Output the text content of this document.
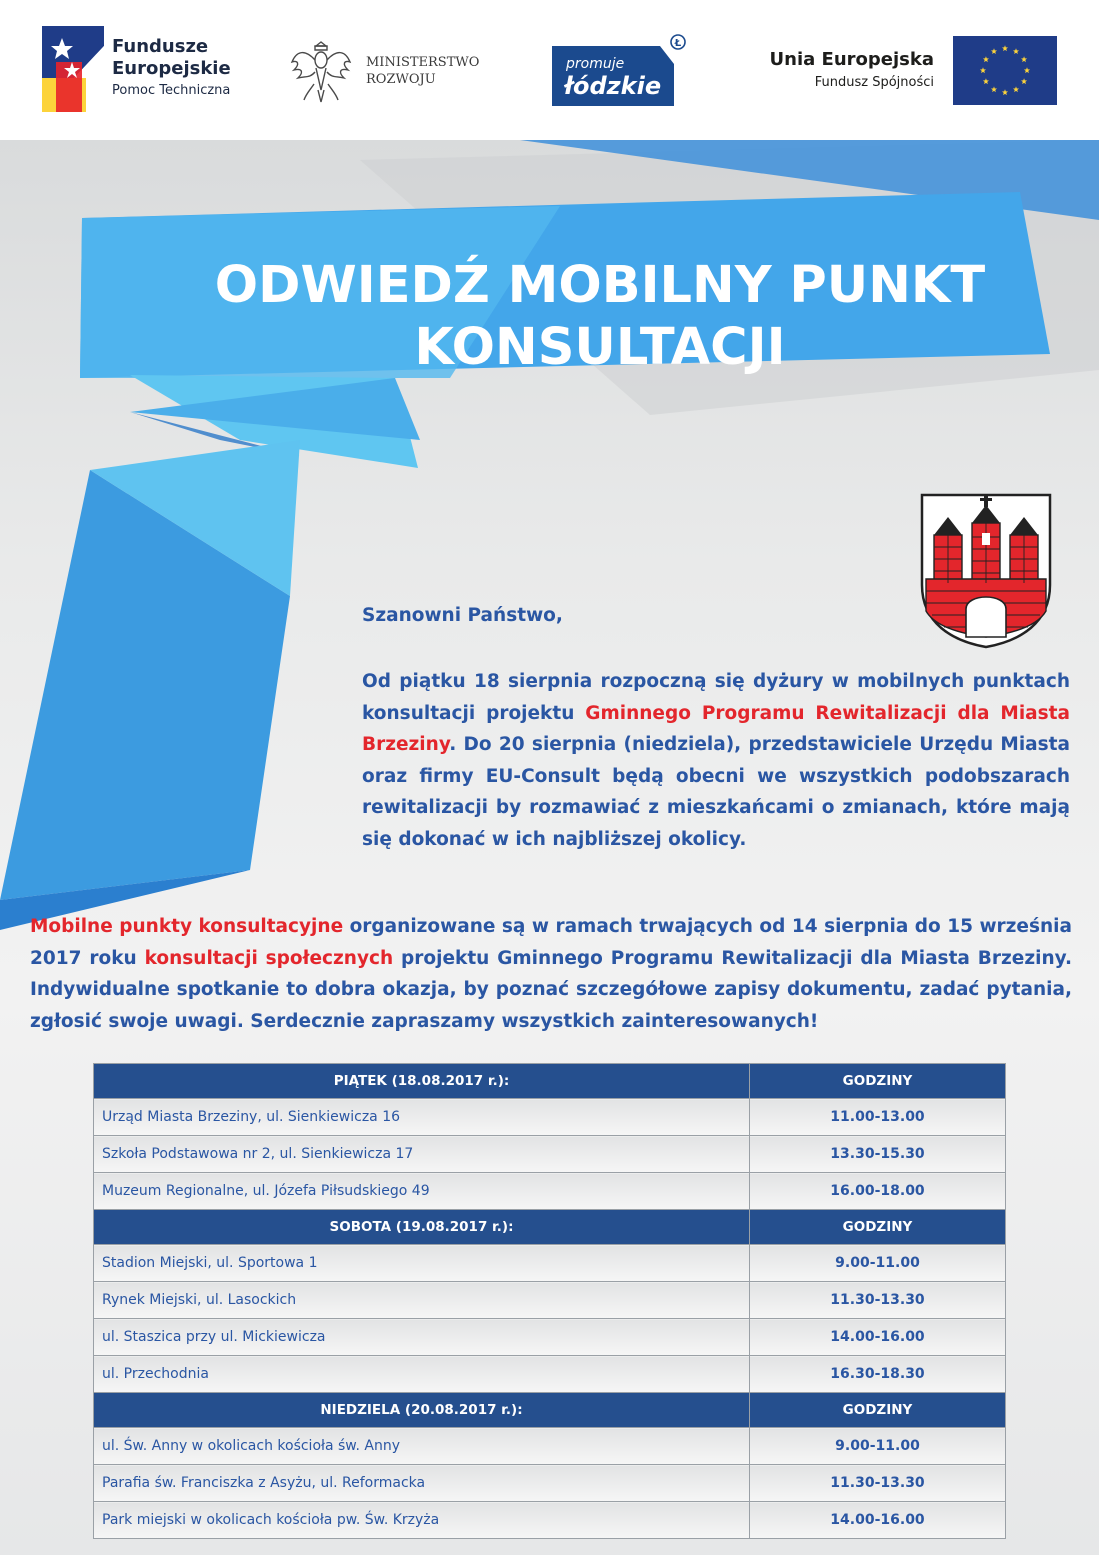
Fundusze
Europejskie
Pomoc Techniczna
MINISTERSTWO
ROZWOJU
Ł
promuje
łódzkie
Unia Europejska
Fundusz Spójności
ODWIEDŹ MOBILNY PUNKT
KONSULTACJI
Szanowni Państwo,

Od piątku 18 sierpnia rozpoczną się dyżury w mobilnych punktach konsultacji projektu Gminnego Programu Rewitalizacji dla Miasta Brzeziny. Do 20 sierpnia (niedziela), przedstawiciele Urzędu Miasta oraz firmy EU-Consult będą obecni we wszystkich podobszarach rewitalizacji by rozmawiać z mieszkańcami o zmianach, które mają się dokonać w ich najbliższej okolicy.

Mobilne punkty konsultacyjne organizowane są w ramach trwających od 14 sierpnia do 15 września 2017 roku konsultacji społecznych projektu Gminnego Programu Rewitalizacji dla Miasta Brzeziny. Indywidualne spotkanie to dobra okazja, by poznać szczegółowe zapisy dokumentu, zadać pytania, zgłosić swoje uwagi. Serdecznie zapraszamy wszystkich zainteresowanych!

PIĄTEK (18.08.2017 r.):	GODZINY
Urząd Miasta Brzeziny, ul. Sienkiewicza 16	11.00-13.00
Szkoła Podstawowa nr 2, ul. Sienkiewicza 17	13.30-15.30
Muzeum Regionalne, ul. Józefa Piłsudskiego 49	16.00-18.00
SOBOTA (19.08.2017 r.):	GODZINY
Stadion Miejski, ul. Sportowa 1	9.00-11.00
Rynek Miejski, ul. Lasockich	11.30-13.30
ul. Staszica przy ul. Mickiewicza	14.00-16.00
ul. Przechodnia	16.30-18.30
NIEDZIELA (20.08.2017 r.):	GODZINY
ul. Św. Anny w okolicach kościoła św. Anny	9.00-11.00
Parafia św. Franciszka z Asyżu, ul. Reformacka	11.30-13.30
Park miejski w okolicach kościoła pw. Św. Krzyża	14.00-16.00
